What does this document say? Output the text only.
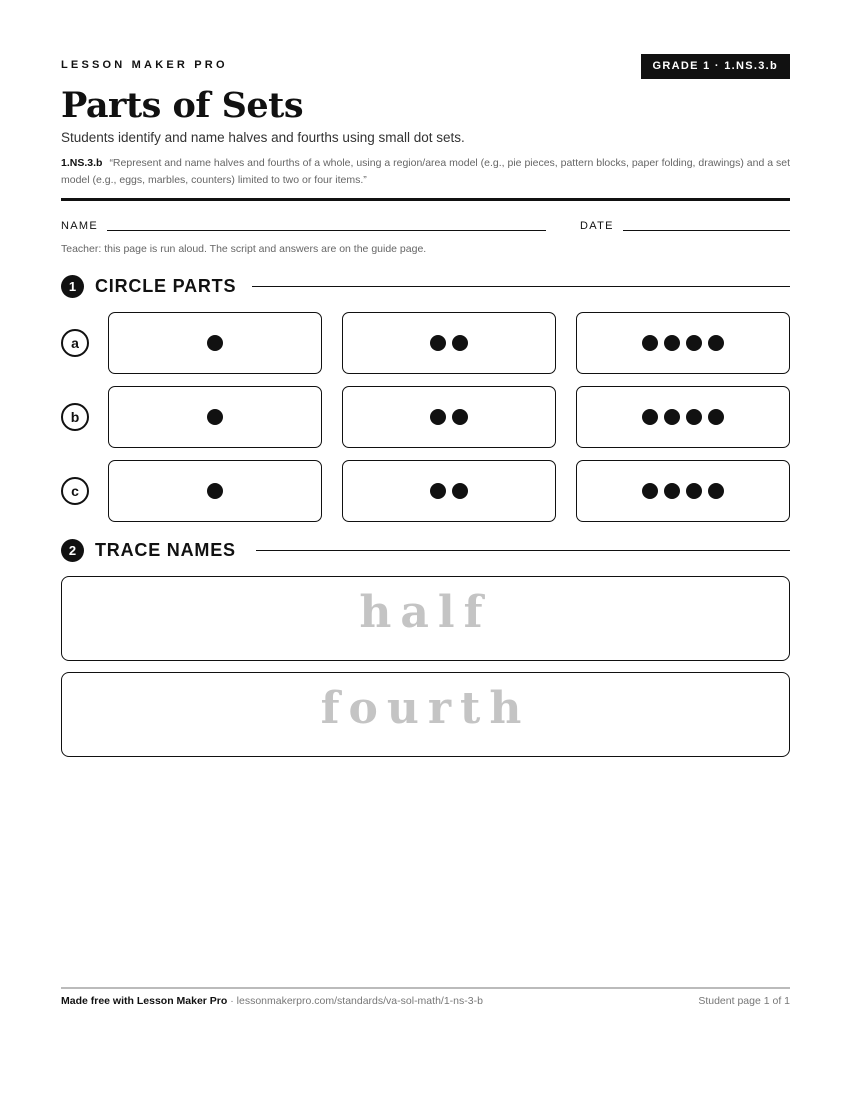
LESSON MAKER PRO	GRADE 1 · 1.NS.3.b
Parts of Sets
Students identify and name halves and fourths using small dot sets.
1.NS.3.b “Represent and name halves and fourths of a whole, using a region/area model (e.g., pie pieces, pattern blocks, paper folding, drawings) and a set model (e.g., eggs, marbles, counters) limited to two or four items.”
NAME	DATE
Teacher: this page is run aloud. The script and answers are on the guide page.
1	CIRCLE PARTS
a
b
c
2	TRACE NAMES
half
fourth
Made free with Lesson Maker Pro · lessonmakerpro.com/standards/va-sol-math/1-ns-3-b	Student page 1 of 1
